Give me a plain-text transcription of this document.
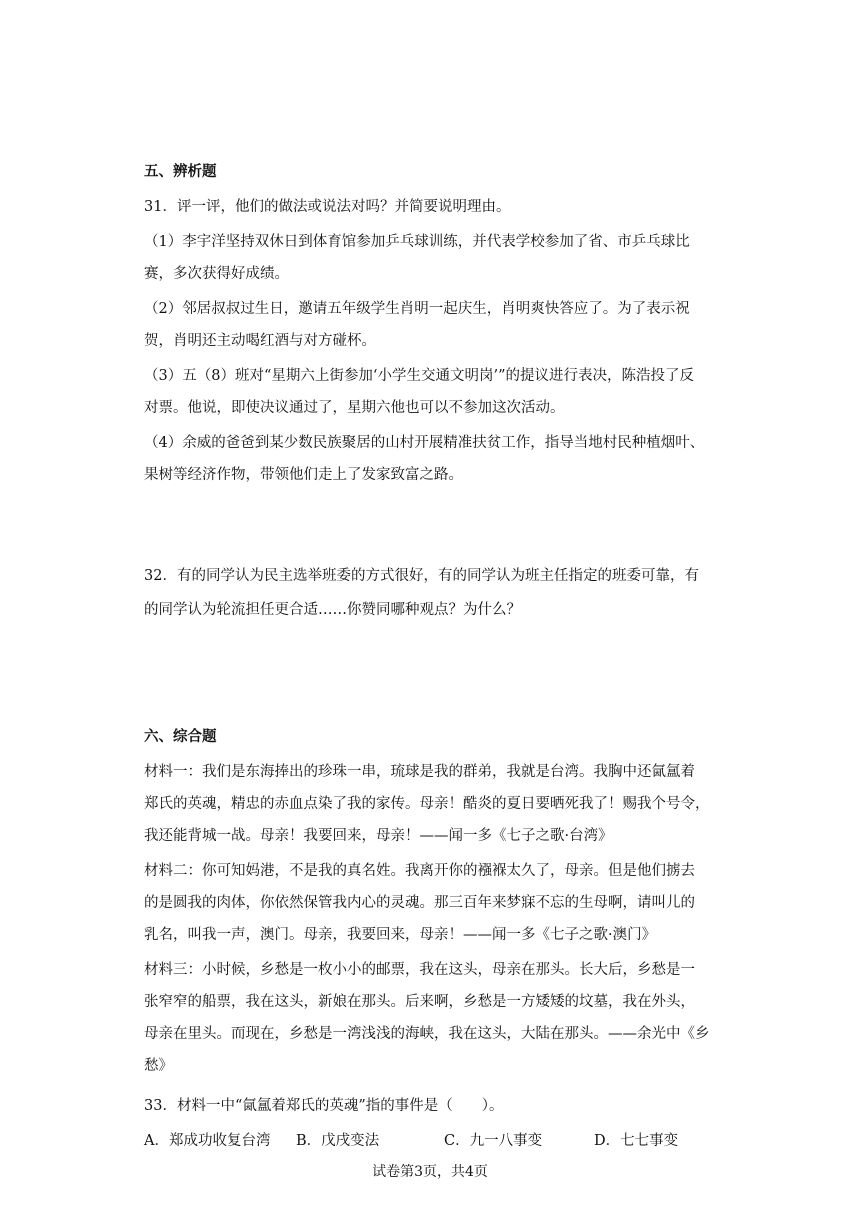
五、辨析题
31．评一评，他们的做法或说法对吗？并简要说明理由。
（1）李宇洋坚持双休日到体育馆参加乒乓球训练，并代表学校参加了省、市乒乓球比
赛，多次获得好成绩。
（2）邻居叔叔过生日，邀请五年级学生肖明一起庆生，肖明爽快答应了。为了表示祝
贺，肖明还主动喝红酒与对方碰杯。
（3）五（8）班对“星期六上街参加‘小学生交通文明岗’”的提议进行表决，陈浩投了反
对票。他说，即使决议通过了，星期六他也可以不参加这次活动。
（4）余威的爸爸到某少数民族聚居的山村开展精准扶贫工作，指导当地村民种植烟叶、
果树等经济作物，带领他们走上了发家致富之路。
32．有的同学认为民主选举班委的方式很好，有的同学认为班主任指定的班委可靠，有
的同学认为轮流担任更合适……你赞同哪种观点？为什么？
六、综合题
材料一：我们是东海捧出的珍珠一串，琉球是我的群弟，我就是台湾。我胸中还氤氲着
郑氏的英魂，精忠的赤血点染了我的家传。母亲！酷炎的夏日要晒死我了！赐我个号令，
我还能背城一战。母亲！我要回来，母亲！——闻一多《七子之歌·台湾》
材料二：你可知妈港，不是我的真名姓。我离开你的襁褓太久了，母亲。但是他们掳去
的是圆我的肉体，你依然保管我内心的灵魂。那三百年来梦寐不忘的生母啊，请叫儿的
乳名，叫我一声，澳门。母亲，我要回来，母亲！——闻一多《七子之歌·澳门》
材料三：小时候，乡愁是一枚小小的邮票，我在这头，母亲在那头。长大后，乡愁是一
张窄窄的船票，我在这头，新娘在那头。后来啊，乡愁是一方矮矮的坟墓，我在外头，
母亲在里头。而现在，乡愁是一湾浅浅的海峡，我在这头，大陆在那头。——余光中《乡
愁》
33．材料一中“氤氲着郑氏的英魂”指的事件是（　　）。
A．郑成功收复台湾 B．戊戌变法	C．九一八事变	D．七七事变
试卷第3页，共4页
